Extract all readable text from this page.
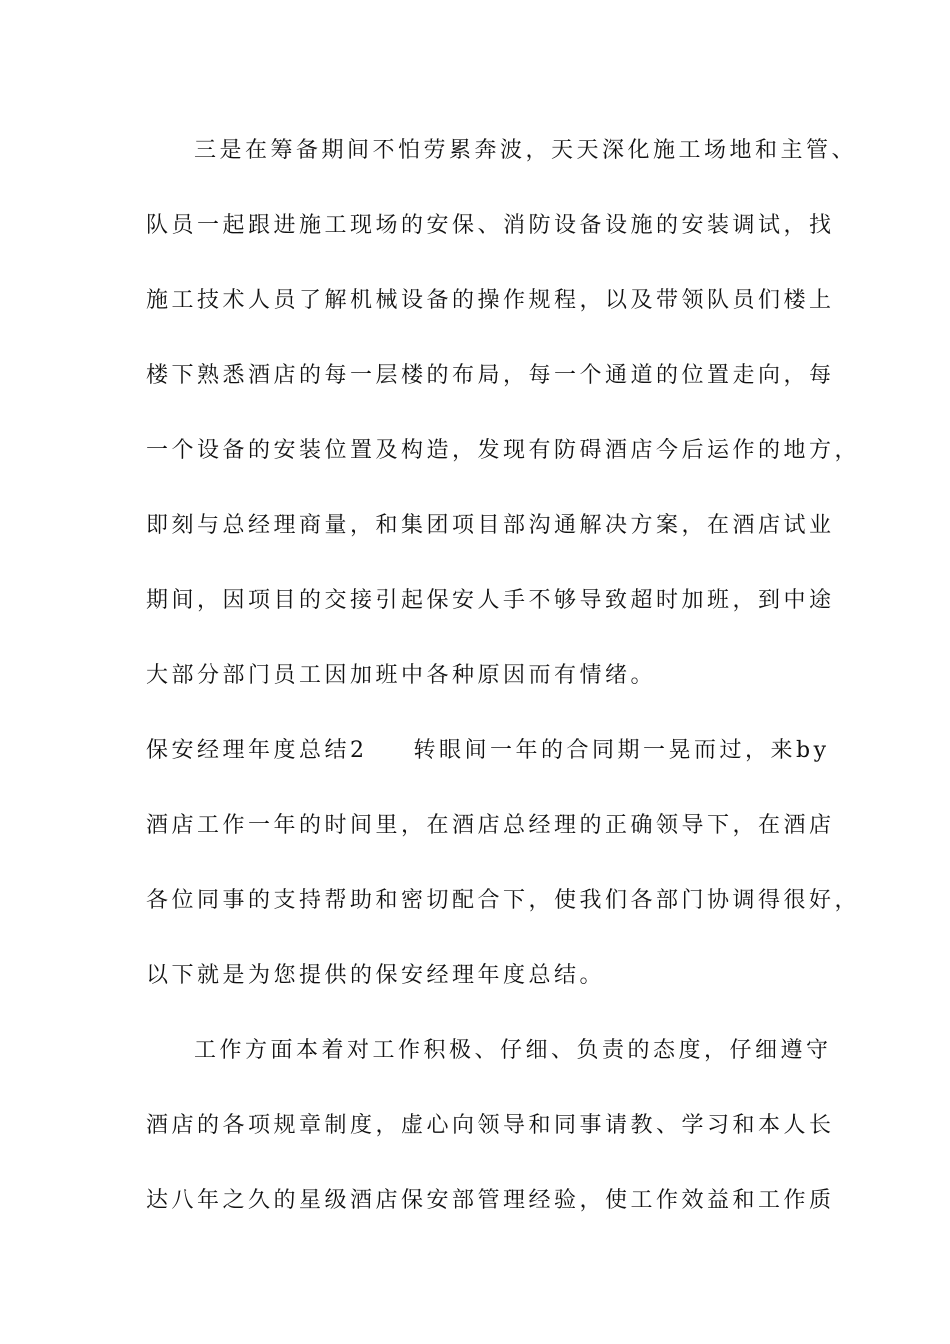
三是在筹备期间不怕劳累奔波，天天深化施工场地和主管、
队员一起跟进施工现场的安保、消防设备设施的安装调试，找
施工技术人员了解机械设备的操作规程，以及带领队员们楼上
楼下熟悉酒店的每一层楼的布局，每一个通道的位置走向，每
一个设备的安装位置及构造，发现有防碍酒店今后运作的地方，
即刻与总经理商量，和集团项目部沟通解决方案，在酒店试业
期间，因项目的交接引起保安人手不够导致超时加班，到中途
大部分部门员工因加班中各种原因而有情绪。
保安经理年度总结2 转眼间一年的合同期一晃而过，来by
酒店工作一年的时间里，在酒店总经理的正确领导下，在酒店
各位同事的支持帮助和密切配合下，使我们各部门协调得很好，
以下就是为您提供的保安经理年度总结。
工作方面本着对工作积极、仔细、负责的态度，仔细遵守
酒店的各项规章制度，虚心向领导和同事请教、学习和本人长
达八年之久的星级酒店保安部管理经验，使工作效益和工作质
